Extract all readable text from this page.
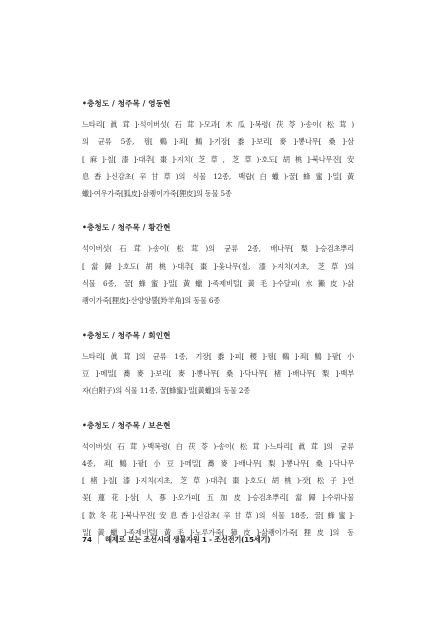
•충청도 / 청주목 / 영동현
느타리[眞茸]·석이버섯(石茸)·모과[木瓜]·복령(茯苓)·송이(松茸)
의 균류 5종, 꿩[鷄]·죄[鷦]·기장[黍]·보리[麥]·뽕나무[桑]·삼
[麻]·칠[漆]·대추[棗]·지치(芝草, 芝草)·호도[胡桃]·북나무진[安
息香]·신감초(辛甘草)의 식물 12종, 백랍(白蠟)·꿀[蜂蜜]·밀[黃
蠟]·여우가죽[狐皮]·삵쾡이가죽[狸皮]의 동물 5종
•충청도 / 청주목 / 황간현
석이버섯(石茸)·송이(松茸)의 균류 2종, 배나무[梨]·승검초뿌리
[當歸]·호도(胡桃)·대추[棗]·옻나무(칠, 漆)·지치(지초, 芝草)의
식물 6종, 꿀[蜂蜜]·밀[黃蠟]·족제비털[黃毛]·수달피(水獺皮)·삵
쾡이가죽[狸皮]·산양양뿔[羚羊角]의 동물 6종
•충청도 / 청주목 / 회인현
느타리[眞茸]의 균류 1종, 기장[黍]·피[稷]·꿩[鷄]·죄[鷦]·팥[小
豆]·메밀[蕎麥]·보리[麥]·뽕나무[桑]·닥나무[楮]·배나무[梨]·백부
자(白附子)의 식물 11종, 꿀[蜂蜜]·밀[黃蠟]의 동물 2종
•충청도 / 청주목 / 보은현
석이버섯(石茸)·백복령(白茯苓)·송이(松茸)·느타리[眞茸]의 균류
4종, 죄[鷦]·팥[小豆]·메밀[蕎麥]·배나무[梨]·뽕나무[桑]·닥나무
[楮]·칠[漆]·지치(지초, 芝草)·대추[棗]·호도(胡桃)·잣[松子]·연
꽃[蓮花]·삼[人蔘]·오가피[五加皮]·승검초뿌리[當歸]·수뤼나물
[款冬花]·북나무진[安息香]·신감초(辛甘草)의 식물 18종, 꿀[蜂蜜]·
밀[黃蠟]·족제비털[黃毛]·노루가죽[獐皮]·삵쾡이가죽[狸皮]의 동
74 | 해제로 보는 조선시대 생물자원 1 - 조선전기(15세기)
